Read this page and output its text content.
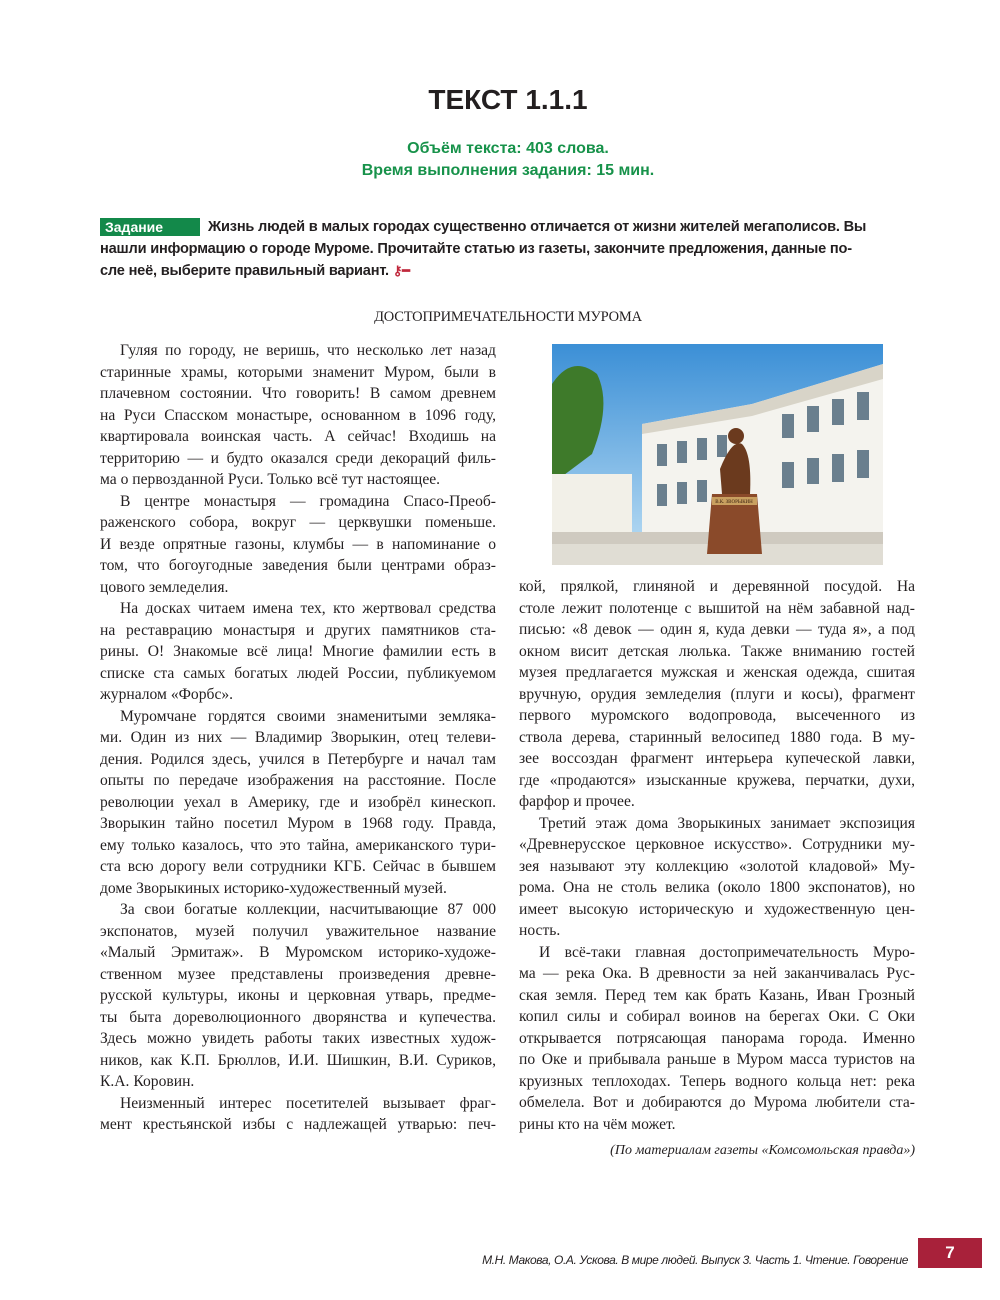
ТЕКСТ 1.1.1
Объём текста: 403 слова.
Время выполнения задания: 15 мин.
Задание	Жизнь людей в малых городах существенно отличается от жизни жителей мегаполисов. Вы
нашли информацию о городе Муроме. Прочитайте статью из газеты, закончите предложения, данные по-
сле неё, выберите правильный вариант. ⚷━
ДОСТОПРИМЕЧАТЕЛЬНОСТИ МУРОМА
Гуляя по городу, не веришь, что несколько лет назад
старинные храмы, которыми знаменит Муром, были в
плачевном состоянии. Что говорить! В самом древнем
на Руси Спасском монастыре, основанном в 1096 году,
квартировала воинская часть. А сейчас! Входишь на
территорию — и будто оказался среди декораций филь-
ма о первозданной Руси. Только всё тут настоящее.
В центре монастыря — громадина Спасо-Преоб-
раженского собора, вокруг — церквушки поменьше.
И везде опрятные газоны, клумбы — в напоминание о
том, что богоугодные заведения были центрами образ-
цового земледелия.
На досках читаем имена тех, кто жертвовал средства
на реставрацию монастыря и других памятников ста-
рины. О! Знакомые всё лица! Многие фамилии есть в
списке ста самых богатых людей России, публикуемом
журналом «Форбс».
Муромчане гордятся своими знаменитыми земляка-
ми. Один из них — Владимир Зворыкин, отец телеви-
дения. Родился здесь, учился в Петербурге и начал там
опыты по передаче изображения на расстояние. После
революции уехал в Америку, где и изобрёл кинескоп.
Зворыкин тайно посетил Муром в 1968 году. Правда,
ему только казалось, что это тайна, американского тури-
ста всю дорогу вели сотрудники КГБ. Сейчас в бывшем
доме Зворыкиных историко-художественный музей.
За свои богатые коллекции, насчитывающие 87 000
экспонатов, музей получил уважительное название
«Малый Эрмитаж». В Муромском историко-художе-
ственном музее представлены произведения древне-
русской культуры, иконы и церковная утварь, предме-
ты быта дореволюционного дворянства и купечества.
Здесь можно увидеть работы таких известных худож-
ников, как К.П. Брюллов, И.И. Шишкин, В.И. Суриков,
К.А. Коровин.
Неизменный интерес посетителей вызывает фраг-
мент крестьянской избы с надлежащей утварью: печ-
В.К. ЗВОРЫКИН
кой, прялкой, глиняной и деревянной посудой. На
столе лежит полотенце с вышитой на нём забавной над-
писью: «8 девок — один я, куда девки — туда я», а под
окном висит детская люлька. Также вниманию гостей
музея предлагается мужская и женская одежда, сшитая
вручную, орудия земледелия (плуги и косы), фрагмент
первого муромского водопровода, высеченного из
ствола дерева, старинный велосипед 1880 года. В му-
зее воссоздан фрагмент интерьера купеческой лавки,
где «продаются» изысканные кружева, перчатки, духи,
фарфор и прочее.
Третий этаж дома Зворыкиных занимает экспозиция
«Древнерусское церковное искусство». Сотрудники му-
зея называют эту коллекцию «золотой кладовой» Му-
рома. Она не столь велика (около 1800 экспонатов), но
имеет высокую историческую и художественную цен-
ность.
И всё-таки главная достопримечательность Муро-
ма — река Ока. В древности за ней заканчивалась Рус-
ская земля. Перед тем как брать Казань, Иван Грозный
копил силы и собирал воинов на берегах Оки. С Оки
открывается потрясающая панорама города. Именно
по Оке и прибывала раньше в Муром масса туристов на
круизных теплоходах. Теперь водного кольца нет: река
обмелела. Вот и добираются до Мурома любители ста-
рины кто на чём может.
(По материалам газеты «Комсомольская правда»)
М.Н. Макова, О.А. Ускова. В мире людей. Выпуск 3. Часть 1. Чтение. Говорение	7
